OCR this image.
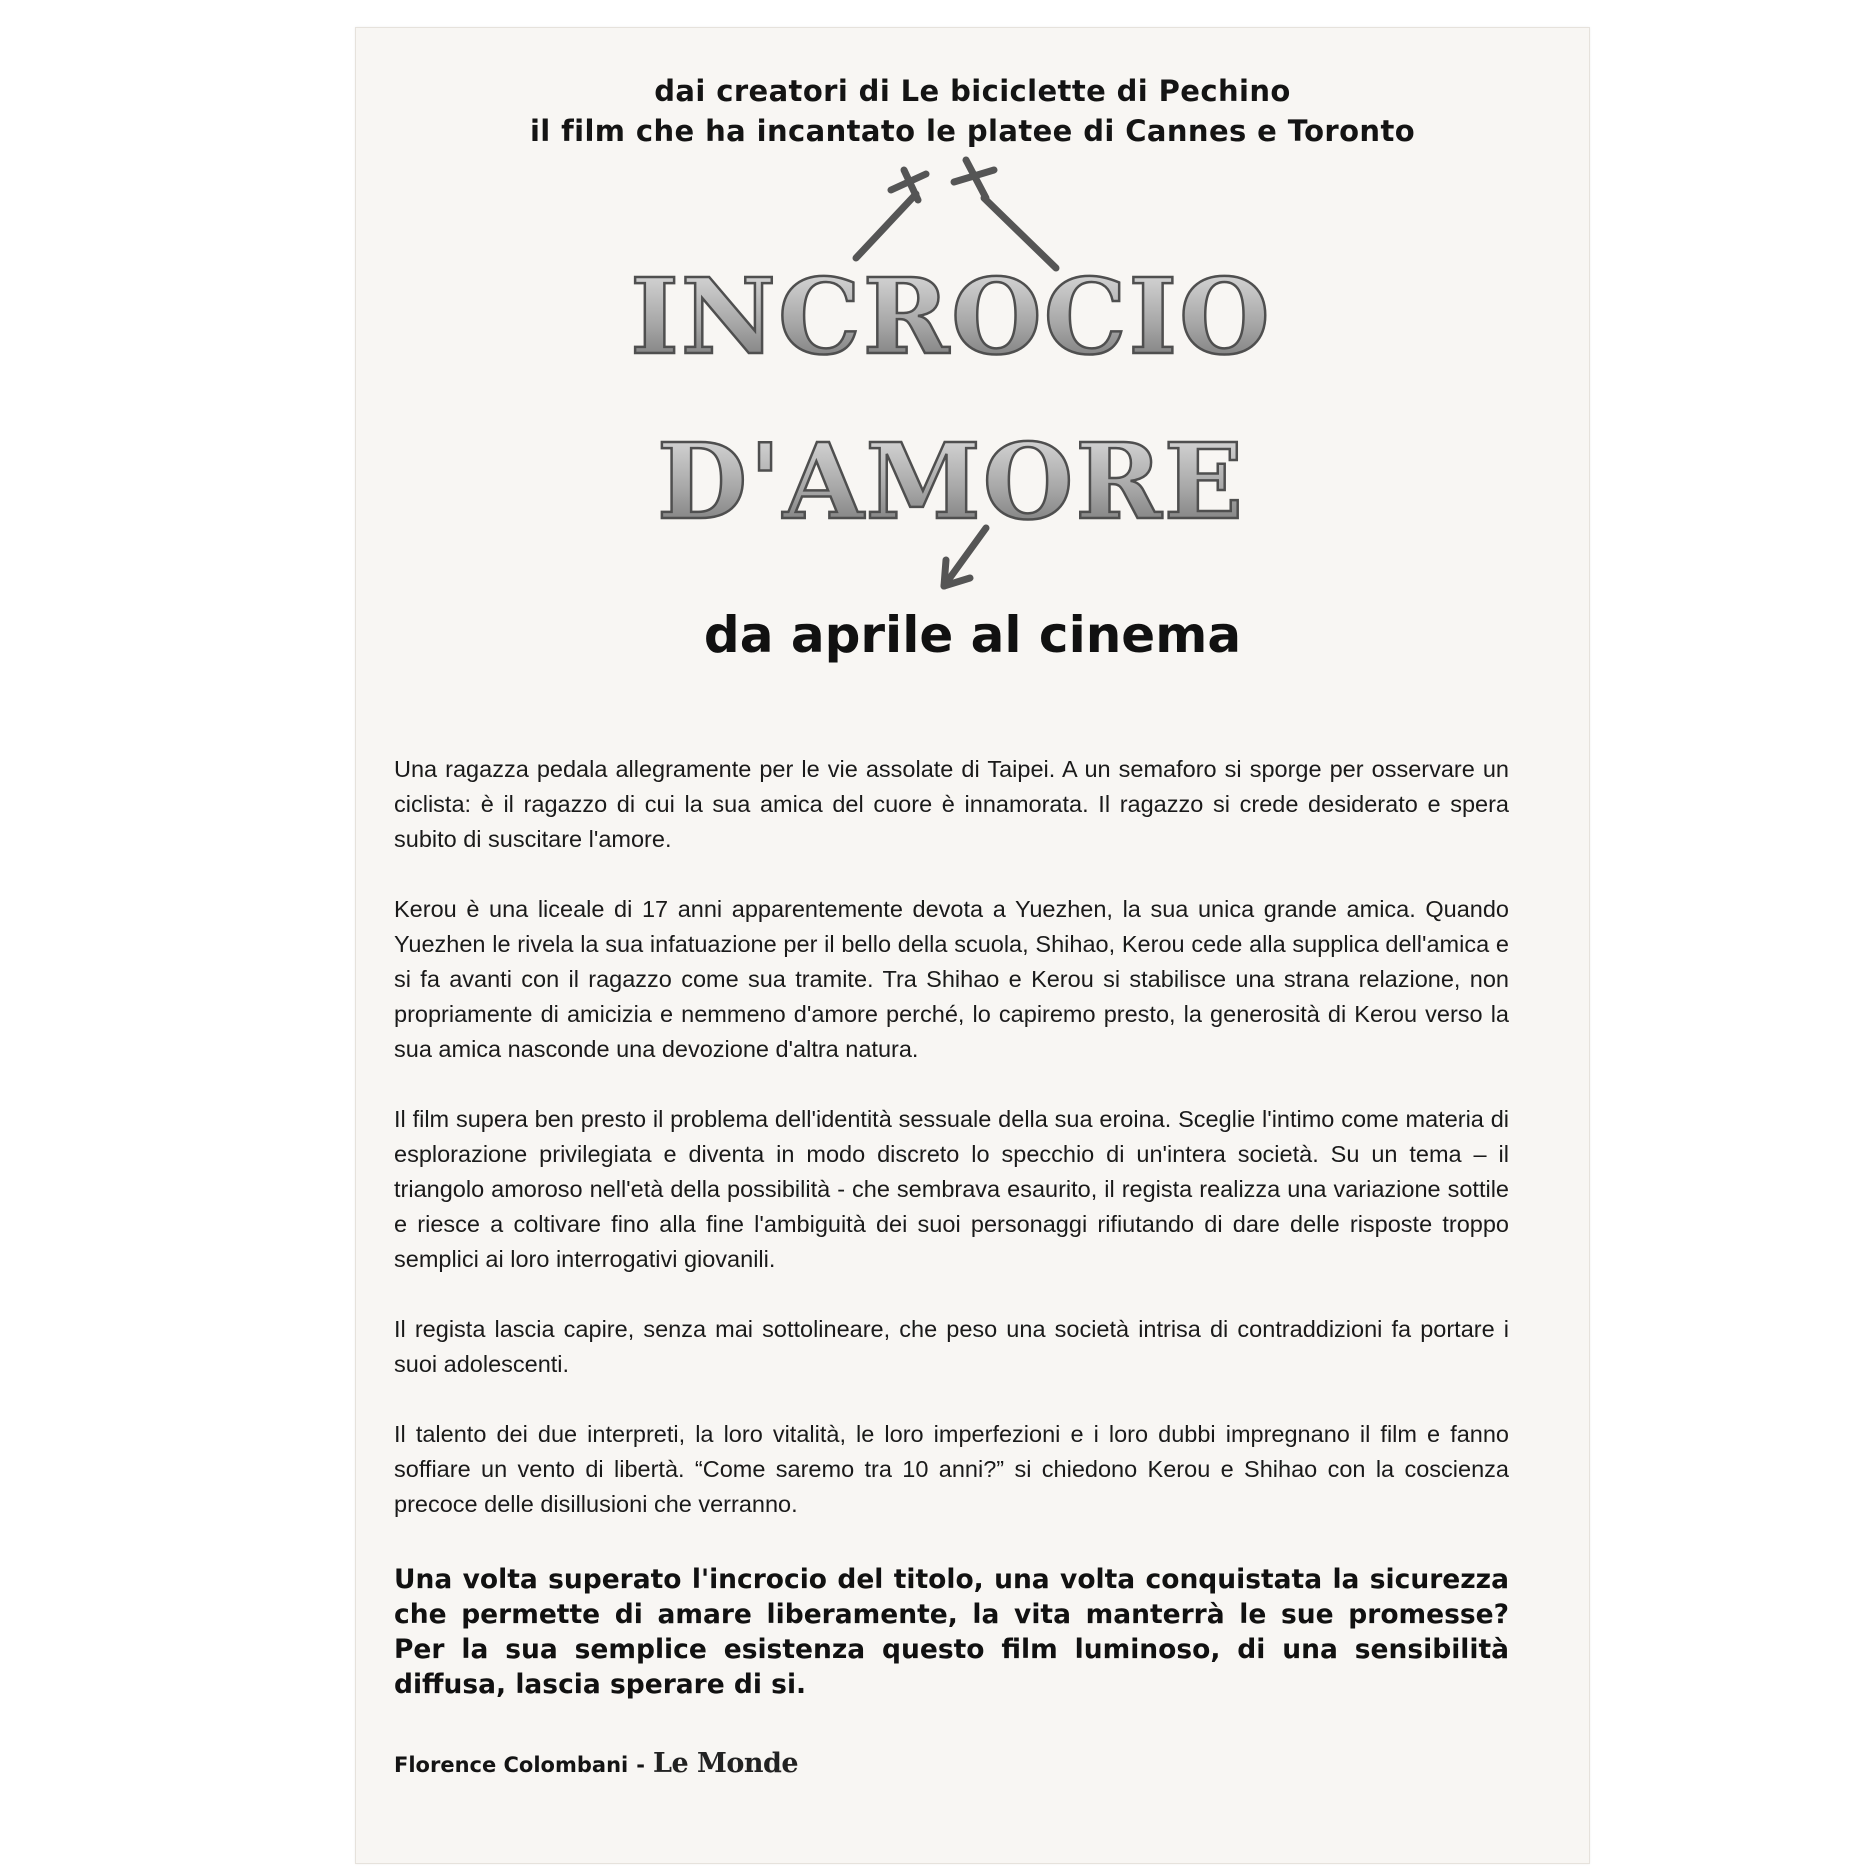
dai creatori di Le biciclette di Pechino
il film che ha incantato le platee di Cannes e Toronto
INCROCIO
D'AMORE
da aprile al cinema

Una ragazza pedala allegramente per le vie assolate di Taipei. A un semaforo si sporge per osservare un ciclista: è il ragazzo di cui la sua amica del cuore è innamorata. Il ragazzo si crede desiderato e spera subito di suscitare l'amore.

Kerou è una liceale di 17 anni apparentemente devota a Yuezhen, la sua unica grande amica. Quando Yuezhen le rivela la sua infatuazione per il bello della scuola, Shihao, Kerou cede alla supplica dell'amica e si fa avanti con il ragazzo come sua tramite. Tra Shihao e Kerou si stabilisce una strana relazione, non propriamente di amicizia e nemmeno d'amore perché, lo capiremo presto, la generosità di Kerou verso la sua amica nasconde una devozione d'altra natura.

Il film supera ben presto il problema dell'identità sessuale della sua eroina. Sceglie l'intimo come materia di esplorazione privilegiata e diventa in modo discreto lo specchio di un'intera società. Su un tema – il triangolo amoroso nell'età della possibilità - che sembrava esaurito, il regista realizza una variazione sottile e riesce a coltivare fino alla fine l'ambiguità dei suoi personaggi rifiutando di dare delle risposte troppo semplici ai loro interrogativi giovanili.

Il regista lascia capire, senza mai sottolineare, che peso una società intrisa di contraddizioni fa portare i suoi adolescenti.

Il talento dei due interpreti, la loro vitalità, le loro imperfezioni e i loro dubbi impregnano il film e fanno soffiare un vento di libertà. “Come saremo tra 10 anni?” si chiedono Kerou e Shihao con la coscienza precoce delle disillusioni che verranno.

Una volta superato l'incrocio del titolo, una volta conquistata la sicurezza che permette di amare liberamente, la vita manterrà le sue promesse? Per la sua semplice esistenza questo film luminoso, di una sensibilità diffusa, lascia sperare di si.
Florence Colombani - Le Monde
